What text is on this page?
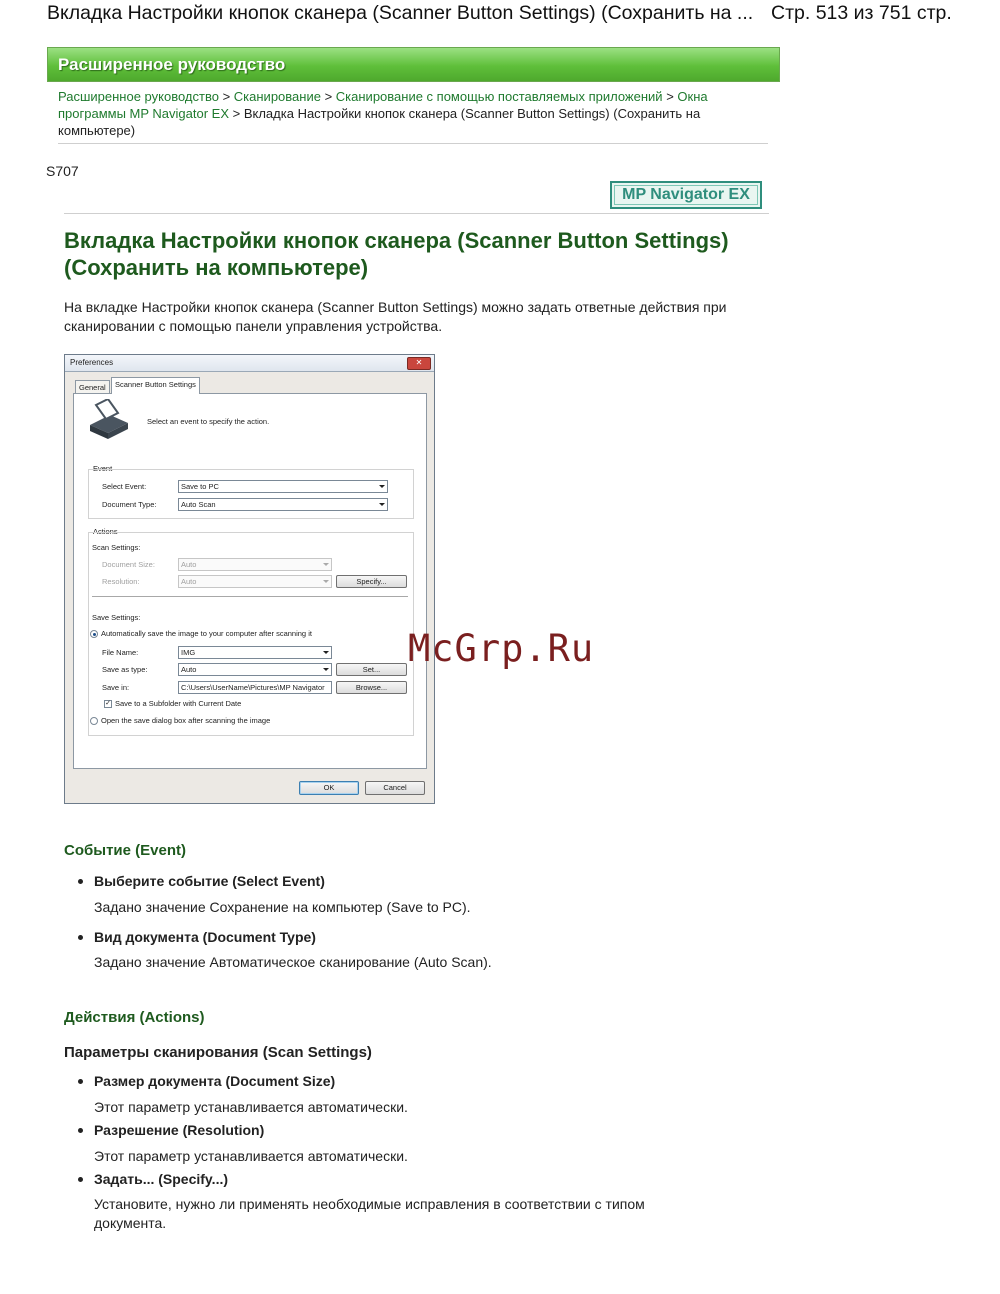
Вкладка Настройки кнопок сканера (Scanner Button Settings) (Сохранить на ... Стр. 513 из 751 стр.
Расширенное руководство
Расширенное руководство > Сканирование > Сканирование с помощью поставляемых приложений > Окна программы MP Navigator EX > Вкладка Настройки кнопок сканера (Scanner Button Settings) (Сохранить на компьютере)
S707
MP Navigator EX
Вкладка Настройки кнопок сканера (Scanner Button Settings) (Сохранить на компьютере)
На вкладке Настройки кнопок сканера (Scanner Button Settings) можно задать ответные действия при сканировании с помощью панели управления устройства.
Preferences	✕
General	Scanner Button Settings
Select an event to specify the action.
Event
Select Event:	Save to PC
Document Type:	Auto Scan
Actions
Scan Settings:
Document Size:	Auto
Resolution:	Auto	Specify...
Save Settings:
Automatically save the image to your computer after scanning it
File Name:	IMG
Save as type:	Auto	Set...
Save in:	C:\Users\UserName\Pictures\MP Navigator	Browse...
✓ Save to a Subfolder with Current Date
Open the save dialog box after scanning the image
OK	Cancel
McGrp.Ru
Событие (Event)
Выберите событие (Select Event)
Задано значение Сохранение на компьютер (Save to PC).
Вид документа (Document Type)
Задано значение Автоматическое сканирование (Auto Scan).
Действия (Actions)
Параметры сканирования (Scan Settings)
Размер документа (Document Size)
Этот параметр устанавливается автоматически.
Разрешение (Resolution)
Этот параметр устанавливается автоматически.
Задать... (Specify...)
Установите, нужно ли применять необходимые исправления в соответствии с типом документа.
